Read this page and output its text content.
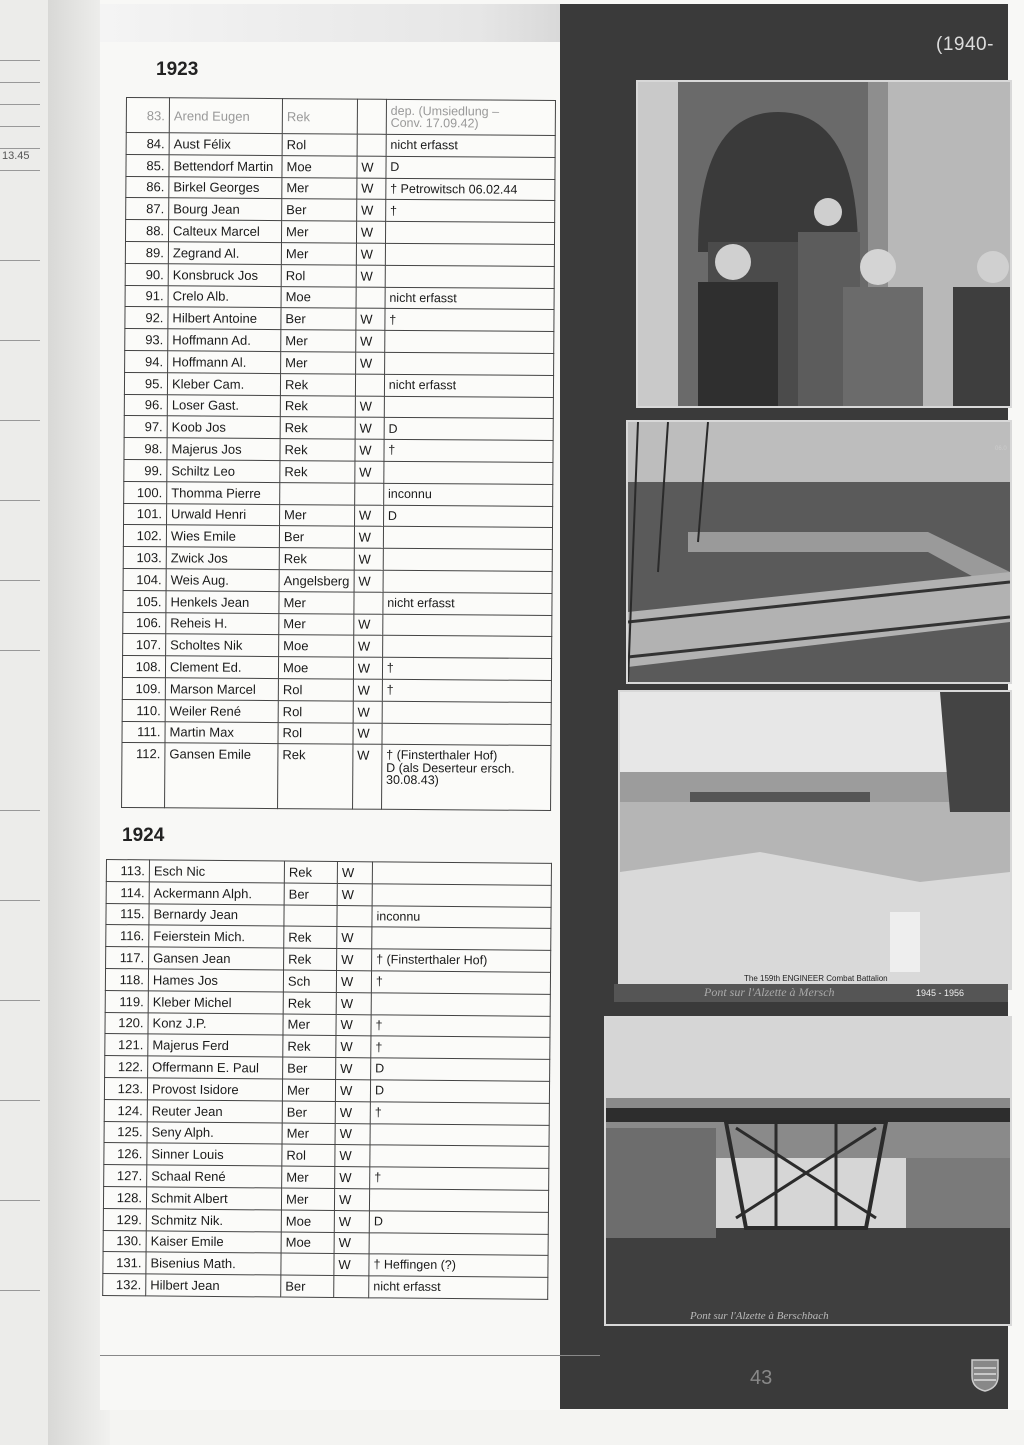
13.45
(1940-
1923
83.	Arend Eugen	Rek		dep. (Umsiedlung –
Conv. 17.09.42)
84.	Aust Félix	Rol		nicht erfasst
85.	Bettendorf Martin	Moe	W	D
86.	Birkel Georges	Mer	W	† Petrowitsch 06.02.44
87.	Bourg Jean	Ber	W	†
88.	Calteux Marcel	Mer	W	
89.	Zegrand Al.	Mer	W	
90.	Konsbruck Jos	Rol	W	
91.	Crelo Alb.	Moe		nicht erfasst
92.	Hilbert Antoine	Ber	W	†
93.	Hoffmann Ad.	Mer	W	
94.	Hoffmann Al.	Mer	W	
95.	Kleber Cam.	Rek		nicht erfasst
96.	Loser Gast.	Rek	W	
97.	Koob Jos	Rek	W	D
98.	Majerus Jos	Rek	W	†
99.	Schiltz Leo	Rek	W	
100.	Thomma Pierre			inconnu
101.	Urwald Henri	Mer	W	D
102.	Wies Emile	Ber	W	
103.	Zwick Jos	Rek	W	
104.	Weis Aug.	Angelsberg	W	
105.	Henkels Jean	Mer		nicht erfasst
106.	Reheis H.	Mer	W	
107.	Scholtes Nik	Moe	W	
108.	Clement Ed.	Moe	W	†
109.	Marson Marcel	Rol	W	†
110.	Weiler René	Rol	W	
111.	Martin Max	Rol	W	
112.	Gansen Emile	Rek	W	† (Finsterthaler Hof)
D (als Deserteur ersch.
30.08.43)
1924
113.	Esch Nic	Rek	W	
114.	Ackermann Alph.	Ber	W	
115.	Bernardy Jean			inconnu
116.	Feierstein Mich.	Rek	W	
117.	Gansen Jean	Rek	W	† (Finsterthaler Hof)
118.	Hames Jos	Sch	W	†
119.	Kleber Michel	Rek	W	
120.	Konz J.P.	Mer	W	†
121.	Majerus Ferd	Rek	W	†
122.	Offermann E. Paul	Ber	W	D
123.	Provost Isidore	Mer	W	D
124.	Reuter Jean	Ber	W	†
125.	Seny Alph.	Mer	W	
126.	Sinner Louis	Rol	W	
127.	Schaal René	Mer	W	†
128.	Schmit Albert	Mer	W	
129.	Schmitz Nik.	Moe	W	D
130.	Kaiser Emile	Moe	W	
131.	Bisenius Math.		W	† Heffingen (?)
132.	Hilbert Jean	Ber		nicht erfasst
06.0
The 159th ENGINEER Combat Battalion
Pont sur l'Alzette à Mersch	1945 - 1956
Pont sur l'Alzette à Berschbach
43
